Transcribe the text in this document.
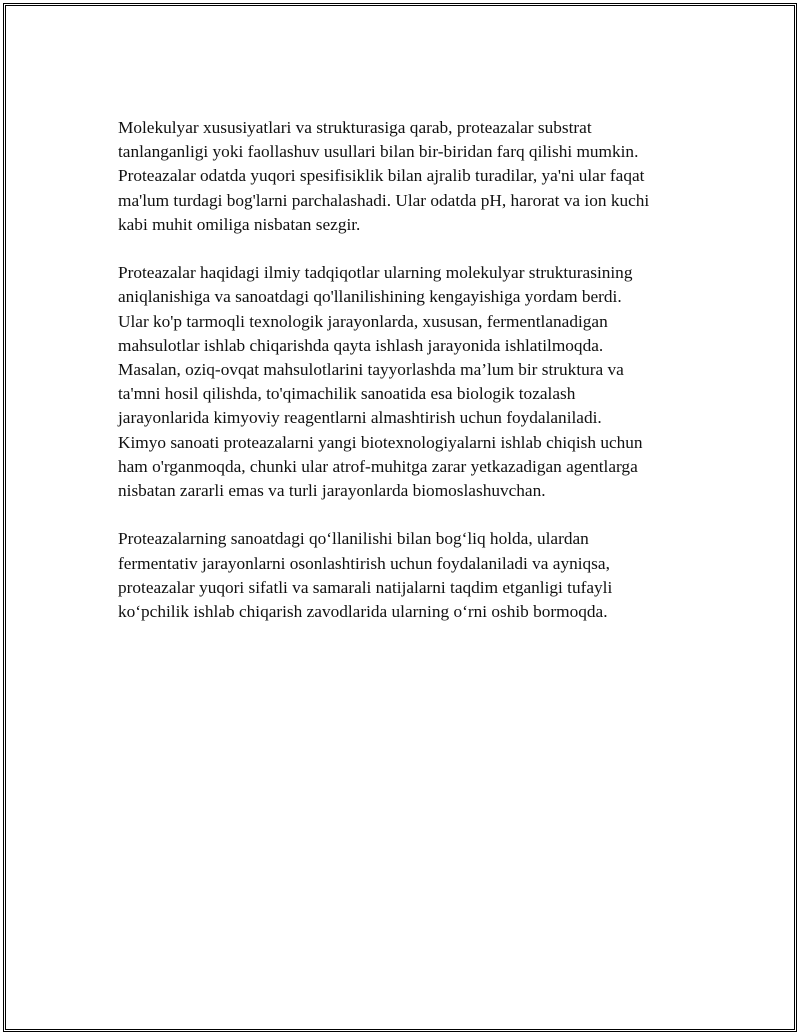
Molekulyar xususiyatlari va strukturasiga qarab, proteazalar substrat
tanlanganligi yoki faollashuv usullari bilan bir-biridan farq qilishi mumkin.
Proteazalar odatda yuqori spesifisiklik bilan ajralib turadilar, ya'ni ular faqat
ma'lum turdagi bog'larni parchalashadi. Ular odatda pH, harorat va ion kuchi
kabi muhit omiliga nisbatan sezgir.
Proteazalar haqidagi ilmiy tadqiqotlar ularning molekulyar strukturasining
aniqlanishiga va sanoatdagi qo'llanilishining kengayishiga yordam berdi.
Ular ko'p tarmoqli texnologik jarayonlarda, xususan, fermentlanadigan
mahsulotlar ishlab chiqarishda qayta ishlash jarayonida ishlatilmoqda.
Masalan, oziq-ovqat mahsulotlarini tayyorlashda ma’lum bir struktura va
ta'mni hosil qilishda, to'qimachilik sanoatida esa biologik tozalash
jarayonlarida kimyoviy reagentlarni almashtirish uchun foydalaniladi.
Kimyo sanoati proteazalarni yangi biotexnologiyalarni ishlab chiqish uchun
ham o'rganmoqda, chunki ular atrof-muhitga zarar yetkazadigan agentlarga
nisbatan zararli emas va turli jarayonlarda biomoslashuvchan.
Proteazalarning sanoatdagi qo‘llanilishi bilan bog‘liq holda, ulardan
fermentativ jarayonlarni osonlashtirish uchun foydalaniladi va ayniqsa,
proteazalar yuqori sifatli va samarali natijalarni taqdim etganligi tufayli
ko‘pchilik ishlab chiqarish zavodlarida ularning o‘rni oshib bormoqda.
